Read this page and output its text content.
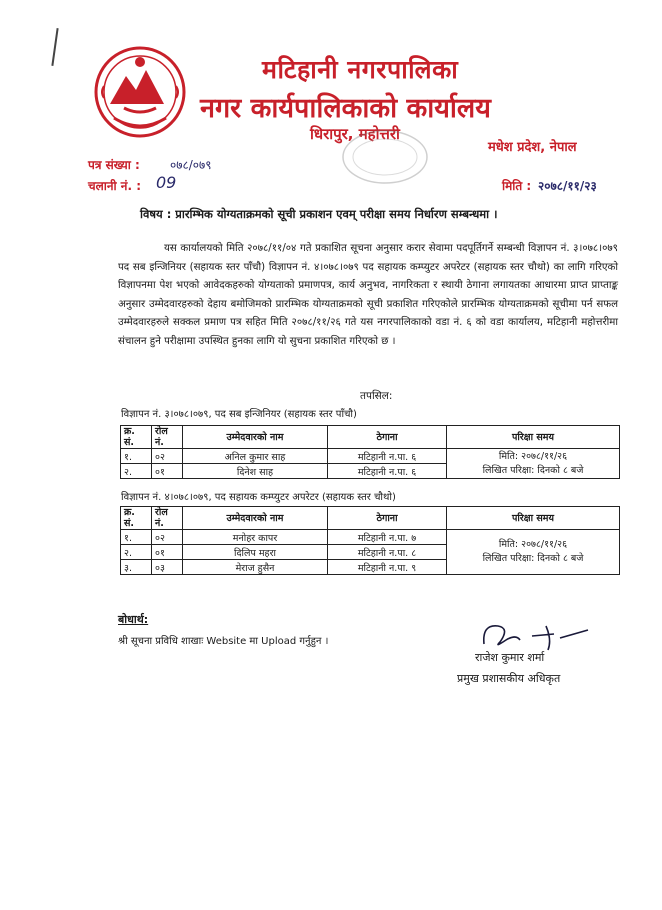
मटिहानी नगरपालिका
नगर कार्यपालिकाको कार्यालय
धिरापुर, महोत्तरी
मधेश प्रदेश, नेपाल
पत्र संख्या :	०७८/०७९
चलानी नं. : 09	मिति : २०७८/११/२३
विषय : प्रारम्भिक योग्यताक्रमको सूची प्रकाशन एवम् परीक्षा समय निर्धारण सम्बन्धमा ।
यस कार्यालयको मिति २०७८/११/०४ गते प्रकाशित सूचना अनुसार करार सेवामा पदपूर्तिगर्ने सम्बन्धी विज्ञापन नं. ३।०७८।०७९ पद सब इन्जिनियर (सहायक स्तर पाँचौ) विज्ञापन नं. ४।०७८।०७९ पद सहायक कम्प्युटर अपरेटर (सहायक स्तर चौथो) का लागि गरिएको विज्ञापनमा पेश भएको आवेदकहरुको योग्यताको प्रमाणपत्र, कार्य अनुभव, नागरिकता र स्थायी ठेगाना लगायतका आधारमा प्राप्त प्राप्ताङ्क अनुसार उम्मेदवारहरुको देहाय बमोजिमको प्रारम्भिक योग्यताक्रमको सूची प्रकाशित गरिएकोले प्रारम्भिक योग्यताक्रमको सूचीमा पर्न सफल उम्मेदवारहरुले सक्कल प्रमाण पत्र सहित मिति २०७८/११/२६ गते यस नगरपालिकाको वडा नं. ६ को वडा कार्यालय, मटिहानी महोत्तरीमा संचालन हुने परीक्षामा उपस्थित हुनका लागि यो सुचना प्रकाशित गरिएको छ ।
तपसिल:
विज्ञापन नं. ३।०७८।०७९, पद सब इन्जिनियर (सहायक स्तर पाँचौ)
क्र. सं.	रोल नं.	उम्मेदवारको नाम	ठेगाना	परिक्षा समय
१.	०२	अनिल कुमार साह	मटिहानी न.पा. ६	मिति: २०७८/११/२६
लिखित परिक्षा: दिनको ८ बजे

२.	०१	दिनेश साह	मटिहानी न.पा. ६	
विज्ञापन नं. ४।०७८।०७९, पद सहायक कम्प्युटर अपरेटर (सहायक स्तर चौथो)
क्र. सं.	रोल नं.	उम्मेदवारको नाम	ठेगाना	परिक्षा समय
१.	०२	मनोहर कापर	मटिहानी न.पा. ७	मिति: २०७८/११/२६
लिखित परिक्षा: दिनको ८ बजे

२.	०१	दिलिप महरा	मटिहानी न.पा. ८	
३.	०३	मेराज हुसैन	मटिहानी न.पा. ९	
बोधार्थ:
श्री सूचना प्रविधि शाखाः Website मा Upload गर्नुहुन ।
राजेश कुमार शर्मा
प्रमुख प्रशासकीय अधिकृत
